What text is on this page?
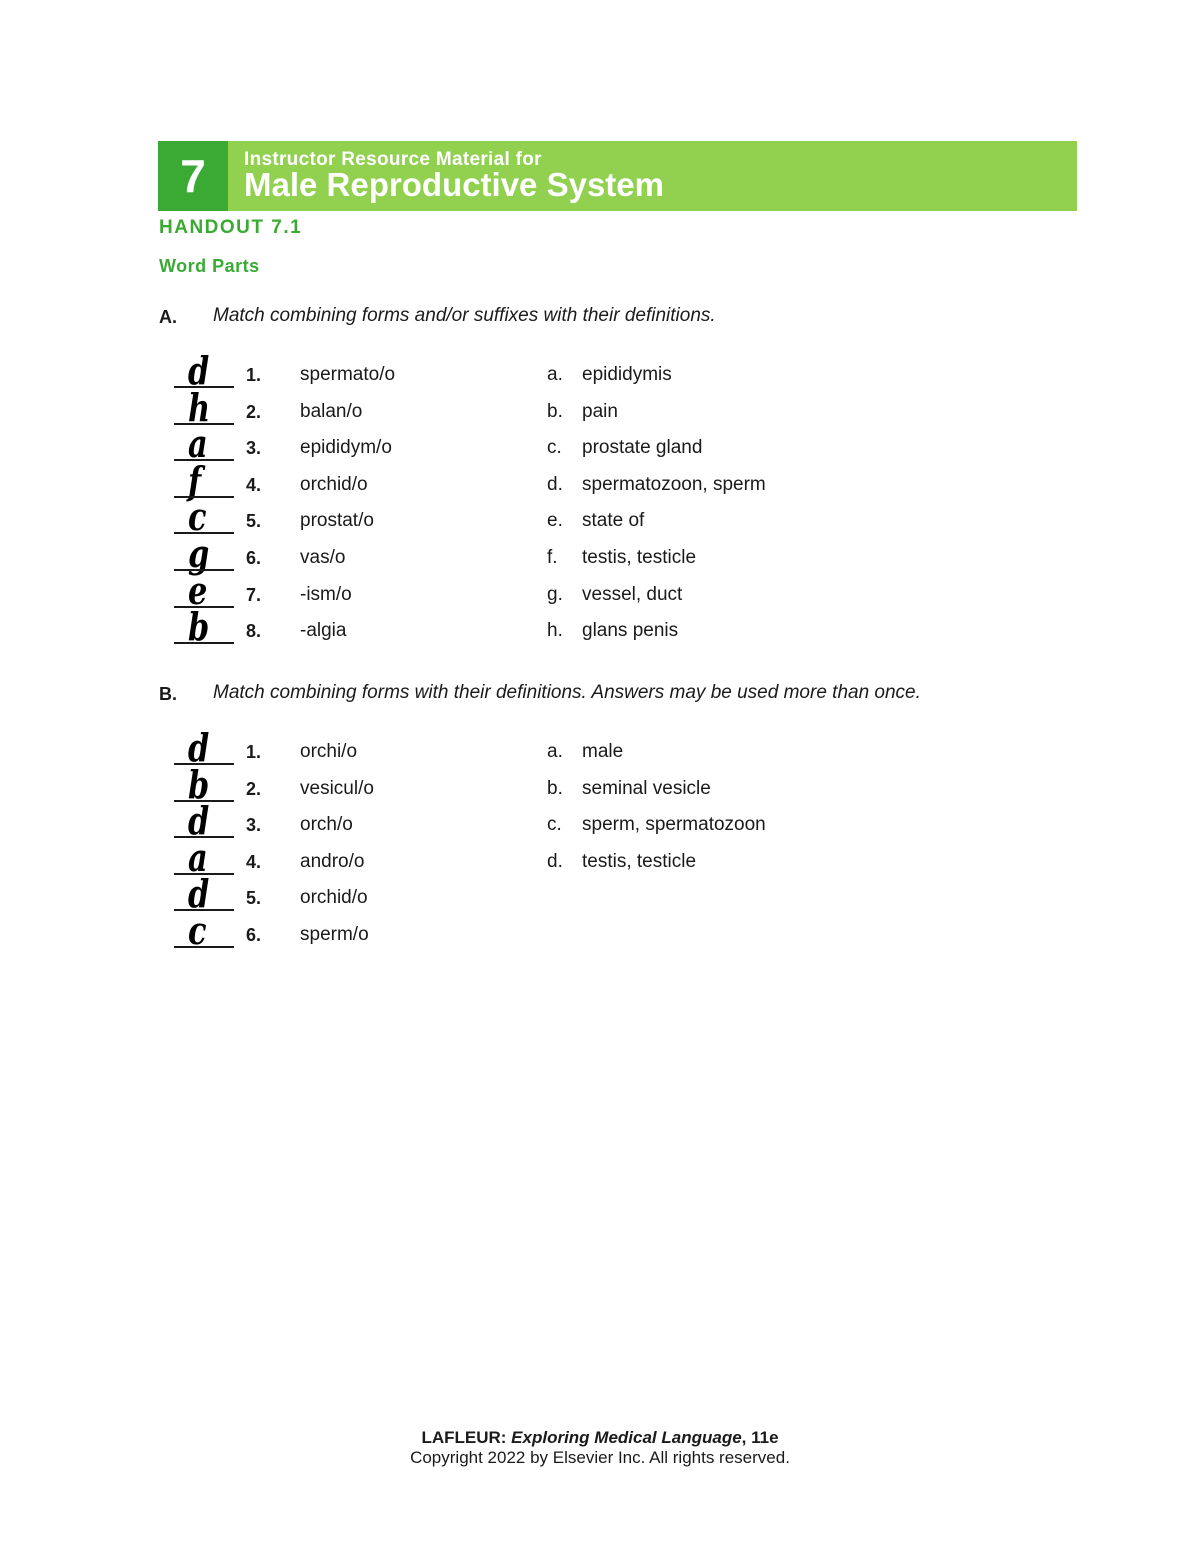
7	Instructor Resource Material for
Male Reproductive System
HANDOUT 7.1
Word Parts
A. Match combining forms and/or suffixes with their definitions.
d 1. spermato/o	a. epididymis
h 2. balan/o	b. pain
a 3. epididym/o	c. prostate gland
f 4. orchid/o	d. spermatozoon, sperm
c 5. prostat/o	e. state of
g 6. vas/o	f. testis, testicle
e 7. -ism/o	g. vessel, duct
b 8. -algia	h. glans penis
B. Match combining forms with their definitions. Answers may be used more than once.
d 1. orchi/o	a. male
b 2. vesicul/o	b. seminal vesicle
d 3. orch/o	c. sperm, spermatozoon
a 4. andro/o	d. testis, testicle
d 5. orchid/o
c 6. sperm/o
LAFLEUR: Exploring Medical Language, 11e
Copyright 2022 by Elsevier Inc. All rights reserved.
